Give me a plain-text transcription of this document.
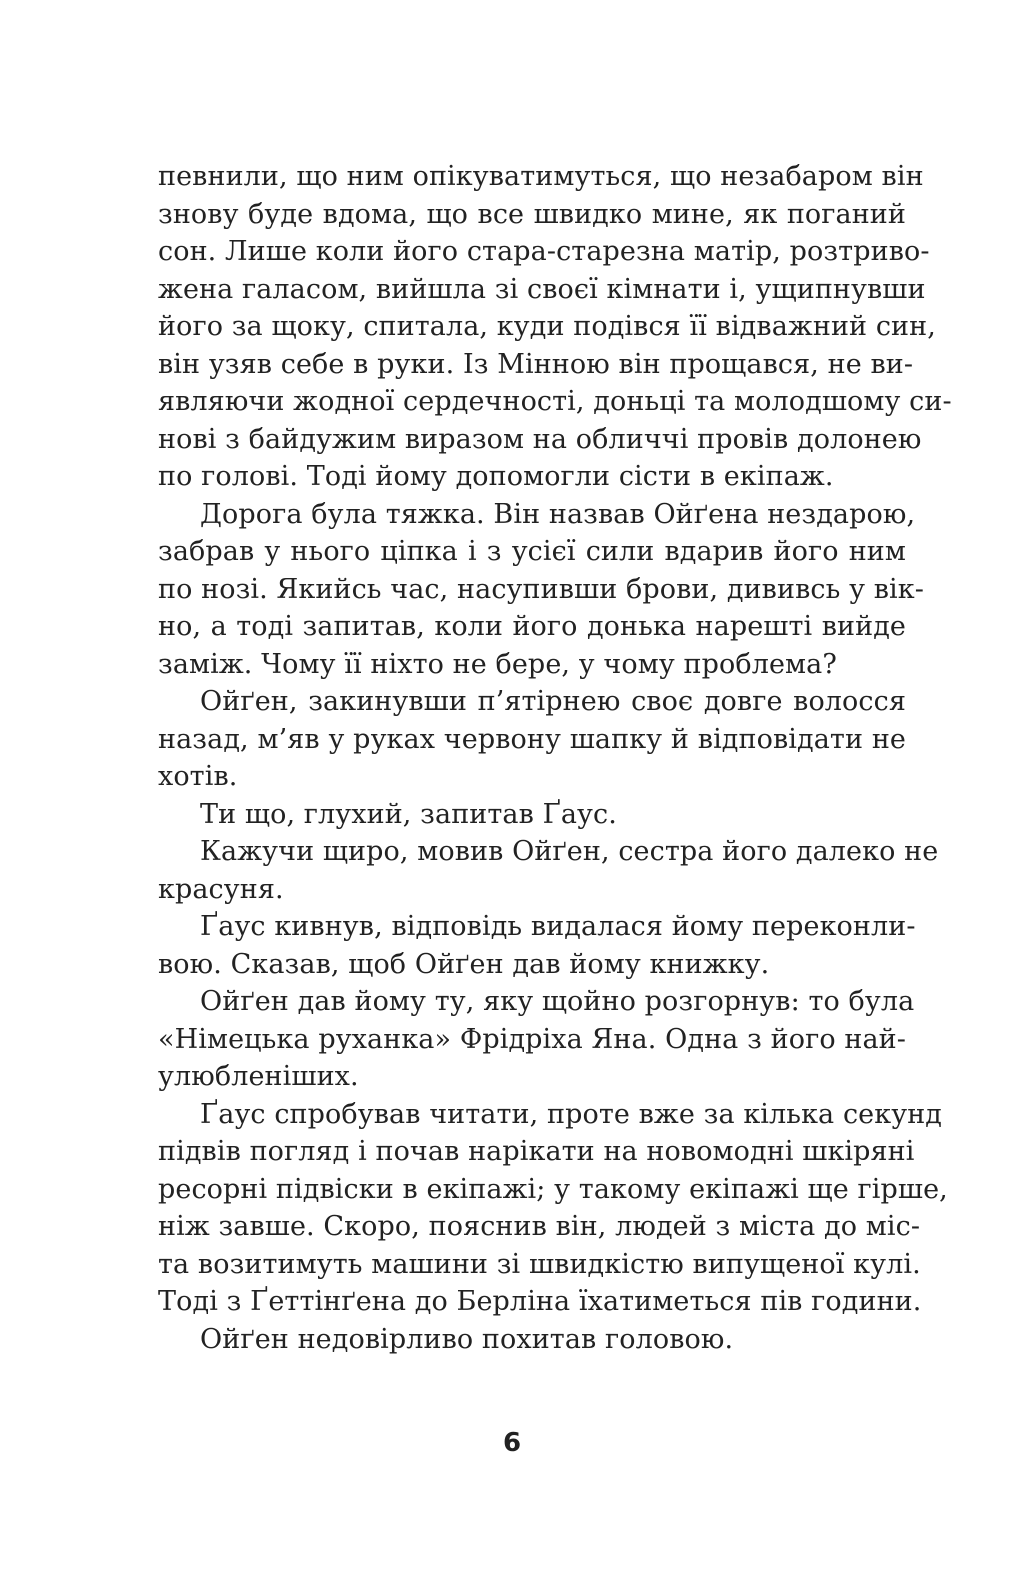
певнили, що ним опікуватимуться, що незабаром він
знову буде вдома, що все швидко мине, як поганий
сон. Лише коли його стара-старезна матір, розтриво-
жена галасом, вийшла зі своєї кімнати і, ущипнувши
його за щоку, спитала, куди подівся її відважний син,
він узяв себе в руки. Із Мінною він прощався, не ви-
являючи жодної сердечності, доньці та молодшому си-
нові з байдужим виразом на обличчі провів долонею
по голові. Тоді йому допомогли сісти в екіпаж.
Дорога була тяжка. Він назвав Ойґена нездарою,
забрав у нього ціпка і з усієї сили вдарив його ним
по нозі. Якийсь час, насупивши брови, дививсь у вік-
но, а тоді запитав, коли його донька нарешті вийде
заміж. Чому її ніхто не бере, у чому проблема?
Ойґен, закинувши п’ятірнею своє довге волосся
назад, м’яв у руках червону шапку й відповідати не
хотів.
Ти що, глухий, запитав Ґаус.
Кажучи щиро, мовив Ойґен, сестра його далеко не
красуня.
Ґаус кивнув, відповідь видалася йому переконли-
вою. Сказав, щоб Ойґен дав йому книжку.
Ойґен дав йому ту, яку щойно розгорнув: то була
«Німецька руханка» Фрідріха Яна. Одна з його най-
улюбленіших.
Ґаус спробував читати, проте вже за кілька секунд
підвів погляд і почав нарікати на новомодні шкіряні
ресорні підвіски в екіпажі; у такому екіпажі ще гірше,
ніж завше. Скоро, пояснив він, людей з міста до міс-
та возитимуть машини зі швидкістю випущеної кулі.
Тоді з Ґеттінґена до Берліна їхатиметься пів години.
Ойґен недовірливо похитав головою.
6
